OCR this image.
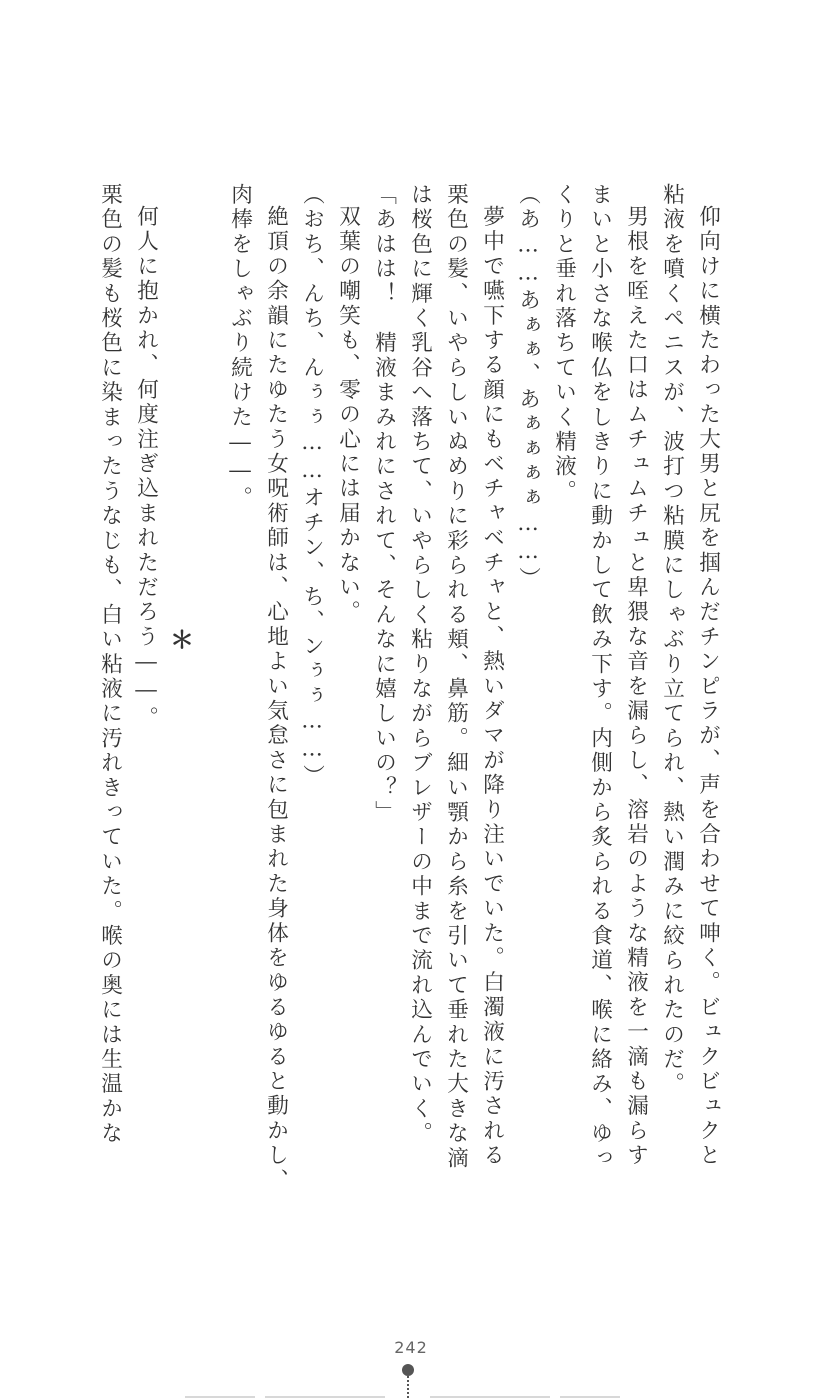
仰向けに横たわった大男と尻を掴んだチンピラが、声を合わせて呻く。ビュクビュクと
粘液を噴くペニスが、波打つ粘膜にしゃぶり立てられ、熱い潤みに絞られたのだ。
男根を咥えた口はムチュムチュと卑猥な音を漏らし、溶岩のような精液を一滴も漏らす
まいと小さな喉仏をしきりに動かして飲み下す。内側から炙られる食道、喉に絡み、ゆっ
くりと垂れ落ちていく精液。
（あ……あぁぁ、あぁぁぁぁ……）
夢中で嚥下する顔にもベチャベチャと、熱いダマが降り注いでいた。白濁液に汚される
栗色の髪、いやらしいぬめりに彩られる頬、鼻筋。細い顎から糸を引いて垂れた大きな滴
は桜色に輝く乳谷へ落ちて、いやらしく粘りながらブレザーの中まで流れ込んでいく。
「あはは！　精液まみれにされて、そんなに嬉しいの？」
双葉の嘲笑も、零の心には届かない。
（おち、んち、んぅぅ……オチン、ち、ンぅぅ……）
絶頂の余韻にたゆたう女呪術師は、心地よい気怠さに包まれた身体をゆるゆると動かし、
肉棒をしゃぶり続けた――。
＊
何人に抱かれ、何度注ぎ込まれただろう――。
栗色の髪も桜色に染まったうなじも、白い粘液に汚れきっていた。喉の奥には生温かな
242
